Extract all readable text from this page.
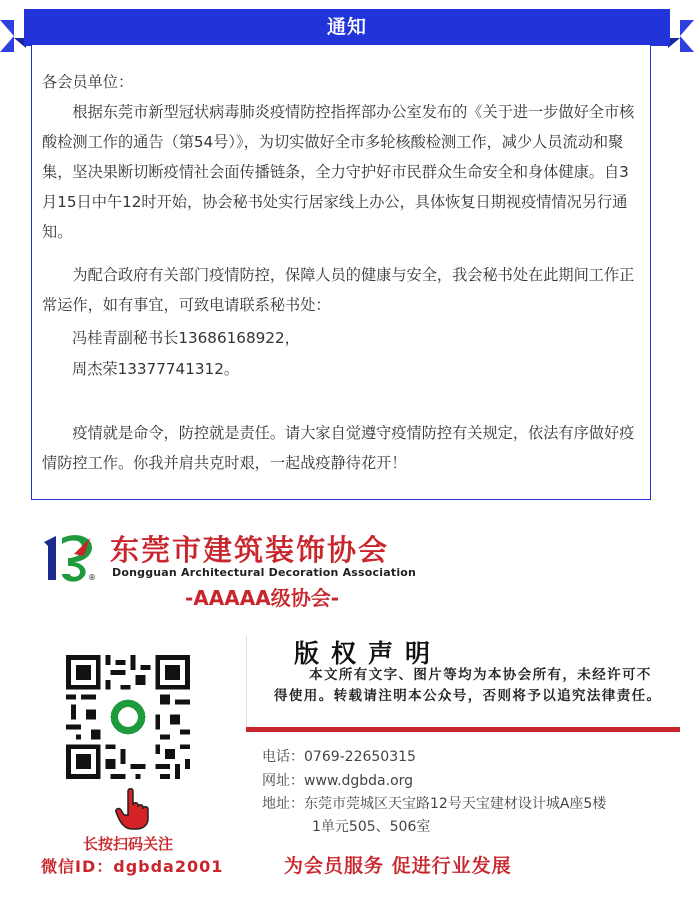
通知

各会员单位：

根据东莞市新型冠状病毒肺炎疫情防控指挥部办公室发布的《关于进一步做好全市核酸检测工作的通告（第54号）》，为切实做好全市多轮核酸检测工作，减少人员流动和聚集，坚决果断切断疫情社会面传播链条，全力守护好市民群众生命安全和身体健康。自3月15日中午12时开始，协会秘书处实行居家线上办公，具体恢复日期视疫情情况另行通知。

为配合政府有关部门疫情防控，保障人员的健康与安全，我会秘书处在此期间工作正常运作，如有事宜，可致电请联系秘书处：

冯桂青副秘书长13686168922，

周杰荣13377741312。

疫情就是命令，防控就是责任。请大家自觉遵守疫情防控有关规定，依法有序做好疫情防控工作。你我并肩共克时艰，一起战疫静待花开！

®
东莞市建筑装饰协会
Dongguan Architectural Decoration Association
-AAAAA级协会-
长按扫码关注
微信ID：dgbda2001
版权声明
本文所有文字、图片等均为本协会所有，未经许可不得使用。转载请注明本公众号，否则将予以追究法律责任。
电话：0769-22650315
网址：www.dgbda.org
地址：东莞市莞城区天宝路12号天宝建材设计城A座5楼
1单元505、506室
为会员服务 促进行业发展
